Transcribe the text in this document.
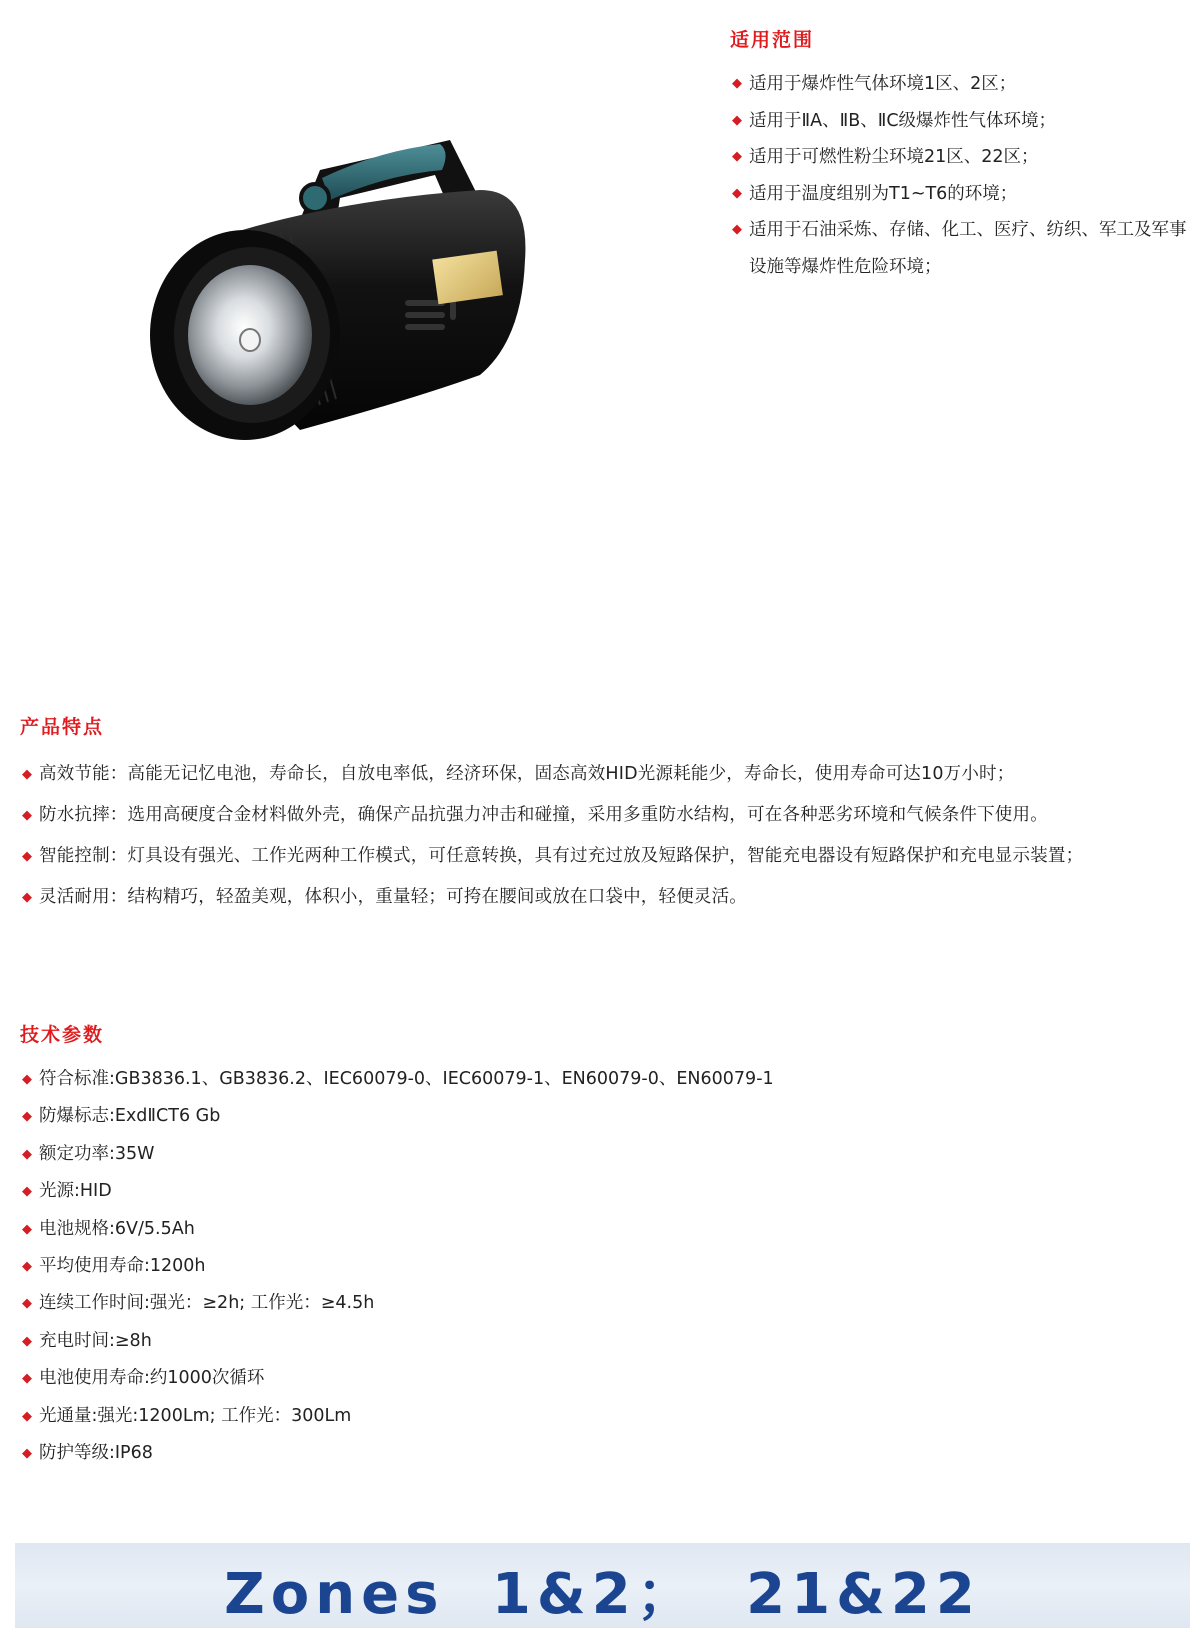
适用范围
◆ 适用于爆炸性气体环境1区、2区；
◆ 适用于ⅡA、ⅡB、ⅡC级爆炸性气体环境；
◆ 适用于可燃性粉尘环境21区、22区；
◆ 适用于温度组别为T1~T6的环境；
◆ 适用于石油采炼、存储、化工、医疗、纺织、军工及军事设施等爆炸性危险环境；
产品特点
◆ 高效节能：高能无记忆电池，寿命长，自放电率低，经济环保，固态高效HID光源耗能少，寿命长，使用寿命可达10万小时；
◆ 防水抗摔：选用高硬度合金材料做外壳，确保产品抗强力冲击和碰撞，采用多重防水结构，可在各种恶劣环境和气候条件下使用。
◆ 智能控制：灯具设有强光、工作光两种工作模式，可任意转换，具有过充过放及短路保护，智能充电器设有短路保护和充电显示装置；
◆ 灵活耐用：结构精巧，轻盈美观，体积小，重量轻；可挎在腰间或放在口袋中，轻便灵活。
技术参数
◆ 符合标准:GB3836.1、GB3836.2、IEC60079-0、IEC60079-1、EN60079-0、EN60079-1
◆ 防爆标志:ExdⅡCT6 Gb
◆ 额定功率:35W
◆ 光源:HID
◆ 电池规格:6V/5.5Ah
◆ 平均使用寿命:1200h
◆ 连续工作时间:强光：≥2h; 工作光：≥4.5h
◆ 充电时间:≥8h
◆ 电池使用寿命:约1000次循环
◆ 光通量:强光:1200Lm; 工作光：300Lm
◆ 防护等级:IP68
Zones 1&2； 21&22
